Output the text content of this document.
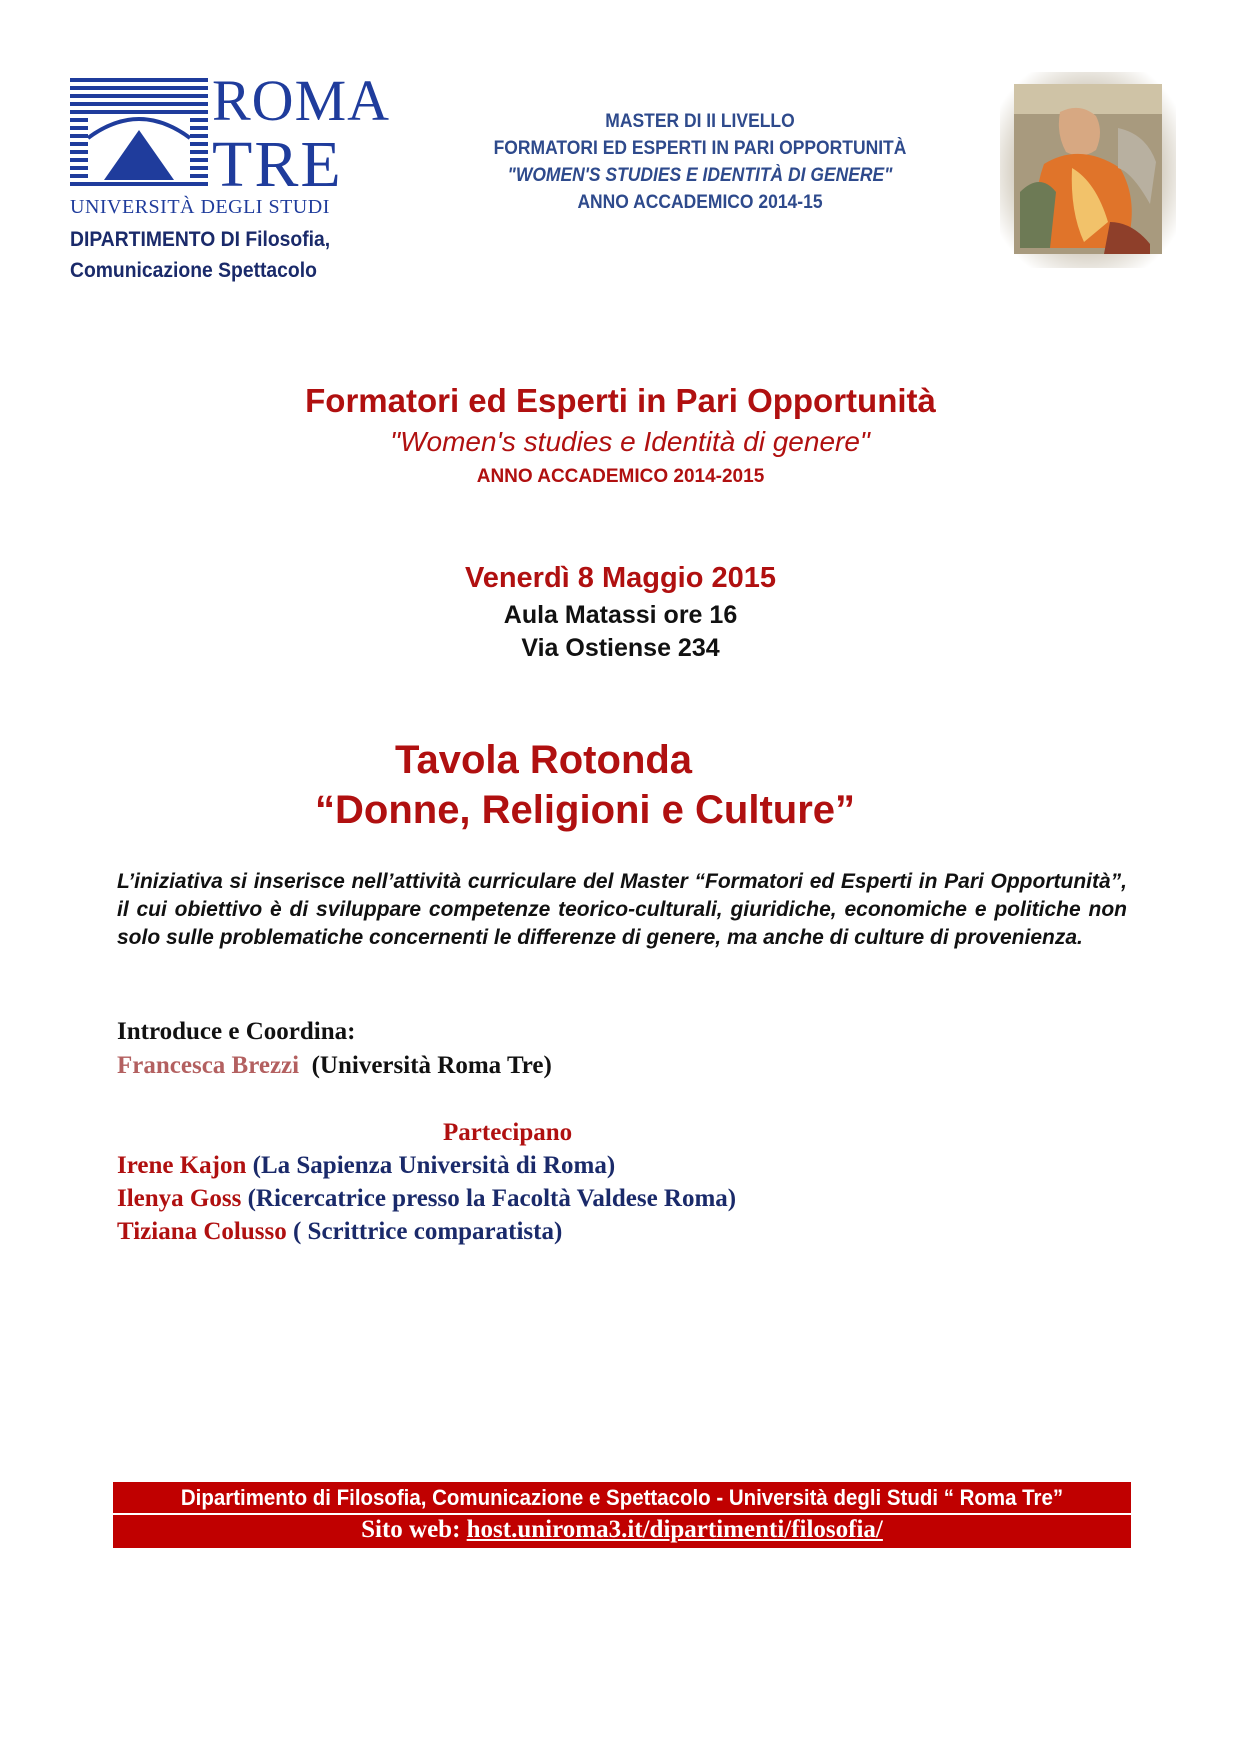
ROMA
TRE
UNIVERSITÀ DEGLI STUDI
DIPARTIMENTO DI Filosofia,
Comunicazione Spettacolo
MASTER DI II LIVELLO
FORMATORI ED ESPERTI IN PARI OPPORTUNITÀ
"WOMEN'S STUDIES E IDENTITÀ DI GENERE"
ANNO ACCADEMICO 2014-15
Formatori ed Esperti in Pari Opportunità
"Women's studies e Identità di genere"
ANNO ACCADEMICO 2014-2015
Venerdì 8 Maggio 2015
Aula Matassi ore 16
Via Ostiense 234
Tavola Rotonda
“Donne, Religioni e Culture”
L’iniziativa si inserisce nell’attività curriculare del Master “Formatori ed Esperti in Pari Opportunità”, il cui obiettivo è di sviluppare competenze teorico-culturali, giuridiche, economiche e politiche non solo sulle problematiche concernenti le differenze di genere, ma anche di culture di provenienza.
Introduce e Coordina:
Francesca Brezzi (Università Roma Tre)
Partecipano
Irene Kajon (La Sapienza Università di Roma)
Ilenya Goss (Ricercatrice presso la Facoltà Valdese Roma)
Tiziana Colusso ( Scrittrice comparatista)
Dipartimento di Filosofia, Comunicazione e Spettacolo - Università degli Studi “ Roma Tre”
Sito web: host.uniroma3.it/dipartimenti/filosofia/
